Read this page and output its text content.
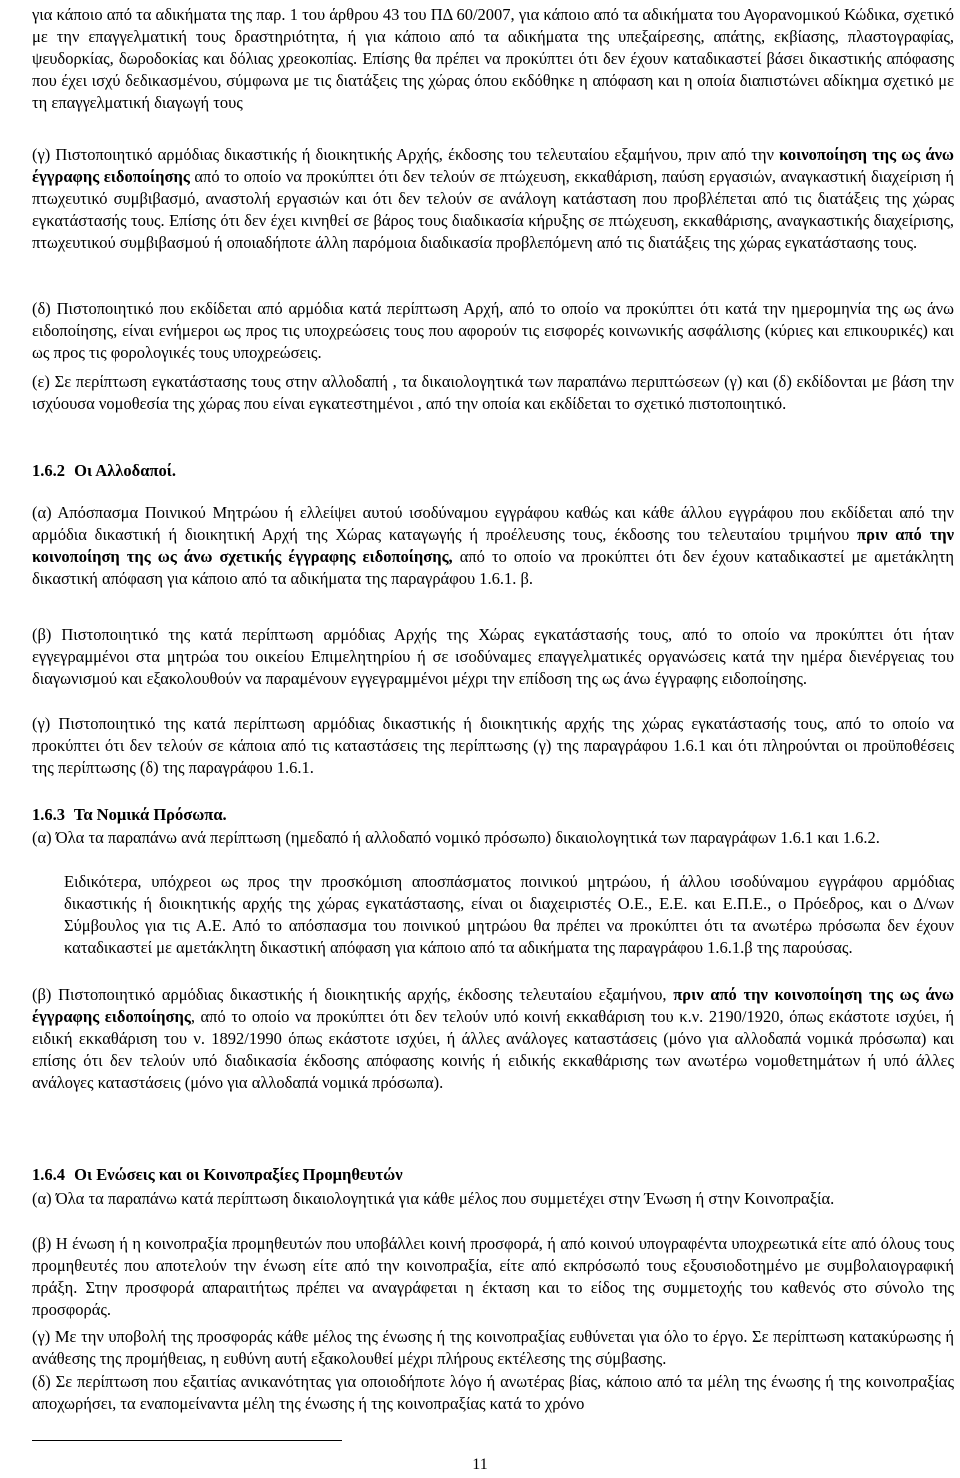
για κάποιο από τα αδικήματα της παρ. 1 του άρθρου 43 του ΠΔ 60/2007, για κάποιο από τα αδικήματα του Αγορανομικού Κώδικα, σχετικό με την επαγγελματική τους δραστηριότητα, ή για κάποιο από τα αδικήματα της υπεξαίρεσης, απάτης, εκβίασης, πλαστογραφίας, ψευδορκίας, δωροδοκίας και δόλιας χρεοκοπίας. Επίσης θα πρέπει να προκύπτει ότι δεν έχουν καταδικαστεί βάσει δικαστικής απόφασης που έχει ισχύ δεδικασμένου, σύμφωνα με τις διατάξεις της χώρας όπου εκδόθηκε η απόφαση και η οποία διαπιστώνει αδίκημα σχετικό με τη επαγγελματική διαγωγή τους

(γ) Πιστοποιητικό αρμόδιας δικαστικής ή διοικητικής Αρχής, έκδοσης του τελευταίου εξαμήνου, πριν από την κοινοποίηση της ως άνω έγγραφης ειδοποίησης από το οποίο να προκύπτει ότι δεν τελούν σε πτώχευση, εκκαθάριση, παύση εργασιών, αναγκαστική διαχείριση ή πτωχευτικό συμβιβασμό, αναστολή εργασιών και ότι δεν τελούν σε ανάλογη κατάσταση που προβλέπεται από τις διατάξεις της χώρας εγκατάστασής τους. Επίσης ότι δεν έχει κινηθεί σε βάρος τους διαδικασία κήρυξης σε πτώχευση, εκκαθάρισης, αναγκαστικής διαχείρισης, πτωχευτικού συμβιβασμού ή οποιαδήποτε άλλη παρόμοια διαδικασία προβλεπόμενη από τις διατάξεις της χώρας εγκατάστασης τους.

(δ) Πιστοποιητικό που εκδίδεται από αρμόδια κατά περίπτωση Αρχή, από το οποίο να προκύπτει ότι κατά την ημερομηνία της ως άνω ειδοποίησης, είναι ενήμεροι ως προς τις υποχρεώσεις τους που αφορούν τις εισφορές κοινωνικής ασφάλισης (κύριες και επικουρικές) και ως προς τις φορολογικές τους υποχρεώσεις.

(ε) Σε περίπτωση εγκατάστασης τους στην αλλοδαπή , τα δικαιολογητικά των παραπάνω περιπτώσεων (γ) και (δ) εκδίδονται με βάση την ισχύουσα νομοθεσία της χώρας που είναι εγκατεστημένοι , από την οποία και εκδίδεται το σχετικό πιστοποιητικό.

1.6.2 Οι Αλλοδαποί.

(α) Απόσπασμα Ποινικού Μητρώου ή ελλείψει αυτού ισοδύναμου εγγράφου καθώς και κάθε άλλου εγγράφου που εκδίδεται από την αρμόδια δικαστική ή διοικητική Αρχή της Χώρας καταγωγής ή προέλευσης τους, έκδοσης του τελευταίου τριμήνου πριν από την κοινοποίηση της ως άνω σχετικής έγγραφης ειδοποίησης, από το οποίο να προκύπτει ότι δεν έχουν καταδικαστεί με αμετάκλητη δικαστική απόφαση για κάποιο από τα αδικήματα της παραγράφου 1.6.1. β.

(β) Πιστοποιητικό της κατά περίπτωση αρμόδιας Αρχής της Χώρας εγκατάστασής τους, από το οποίο να προκύπτει ότι ήταν εγγεγραμμένοι στα μητρώα του οικείου Επιμελητηρίου ή σε ισοδύναμες επαγγελματικές οργανώσεις κατά την ημέρα διενέργειας του διαγωνισμού και εξακολουθούν να παραμένουν εγγεγραμμένοι μέχρι την επίδοση της ως άνω έγγραφης ειδοποίησης.

(γ) Πιστοποιητικό της κατά περίπτωση αρμόδιας δικαστικής ή διοικητικής αρχής της χώρας εγκατάστασής τους, από το οποίο να προκύπτει ότι δεν τελούν σε κάποια από τις καταστάσεις της περίπτωσης (γ) της παραγράφου 1.6.1 και ότι πληρούνται οι προϋποθέσεις της περίπτωσης (δ) της παραγράφου 1.6.1.

1.6.3 Τα Νομικά Πρόσωπα.

(α) Όλα τα παραπάνω ανά περίπτωση (ημεδαπό ή αλλοδαπό νομικό πρόσωπο) δικαιολογητικά των παραγράφων 1.6.1 και 1.6.2.

Ειδικότερα, υπόχρεοι ως προς την προσκόμιση αποσπάσματος ποινικού μητρώου, ή άλλου ισοδύναμου εγγράφου αρμόδιας δικαστικής ή διοικητικής αρχής της χώρας εγκατάστασης, είναι οι διαχειριστές Ο.Ε., Ε.Ε. και Ε.Π.Ε., ο Πρόεδρος, και ο Δ/νων Σύμβουλος για τις Α.Ε. Από το απόσπασμα του ποινικού μητρώου θα πρέπει να προκύπτει ότι τα ανωτέρω πρόσωπα δεν έχουν καταδικαστεί με αμετάκλητη δικαστική απόφαση για κάποιο από τα αδικήματα της παραγράφου 1.6.1.β της παρούσας.

(β) Πιστοποιητικό αρμόδιας δικαστικής ή διοικητικής αρχής, έκδοσης τελευταίου εξαμήνου, πριν από την κοινοποίηση της ως άνω έγγραφης ειδοποίησης, από το οποίο να προκύπτει ότι δεν τελούν υπό κοινή εκκαθάριση του κ.ν. 2190/1920, όπως εκάστοτε ισχύει, ή ειδική εκκαθάριση του ν. 1892/1990 όπως εκάστοτε ισχύει, ή άλλες ανάλογες καταστάσεις (μόνο για αλλοδαπά νομικά πρόσωπα) και επίσης ότι δεν τελούν υπό διαδικασία έκδοσης απόφασης κοινής ή ειδικής εκκαθάρισης των ανωτέρω νομοθετημάτων ή υπό άλλες ανάλογες καταστάσεις (μόνο για αλλοδαπά νομικά πρόσωπα).

1.6.4 Οι Ενώσεις και οι Κοινοπραξίες Προμηθευτών

(α) Όλα τα παραπάνω κατά περίπτωση δικαιολογητικά για κάθε μέλος που συμμετέχει στην Ένωση ή στην Κοινοπραξία.

(β) Η ένωση ή η κοινοπραξία προμηθευτών που υποβάλλει κοινή προσφορά, ή από κοινού υπογραφέντα υποχρεωτικά είτε από όλους τους προμηθευτές που αποτελούν την ένωση είτε από την κοινοπραξία, είτε από εκπρόσωπό τους εξουσιοδοτημένο με συμβολαιογραφική πράξη. Στην προσφορά απαραιτήτως πρέπει να αναγράφεται η έκταση και το είδος της συμμετοχής του καθενός στο σύνολο της προσφοράς.

(γ) Με την υποβολή της προσφοράς κάθε μέλος της ένωσης ή της κοινοπραξίας ευθύνεται για όλο το έργο. Σε περίπτωση κατακύρωσης ή ανάθεσης της προμήθειας, η ευθύνη αυτή εξακολουθεί μέχρι πλήρους εκτέλεσης της σύμβασης.

(δ) Σε περίπτωση που εξαιτίας ανικανότητας για οποιοδήποτε λόγο ή ανωτέρας βίας, κάποιο από τα μέλη της ένωσης ή της κοινοπραξίας αποχωρήσει, τα εναπομείναντα μέλη της ένωσης ή της κοινοπραξίας κατά το χρόνο

11
